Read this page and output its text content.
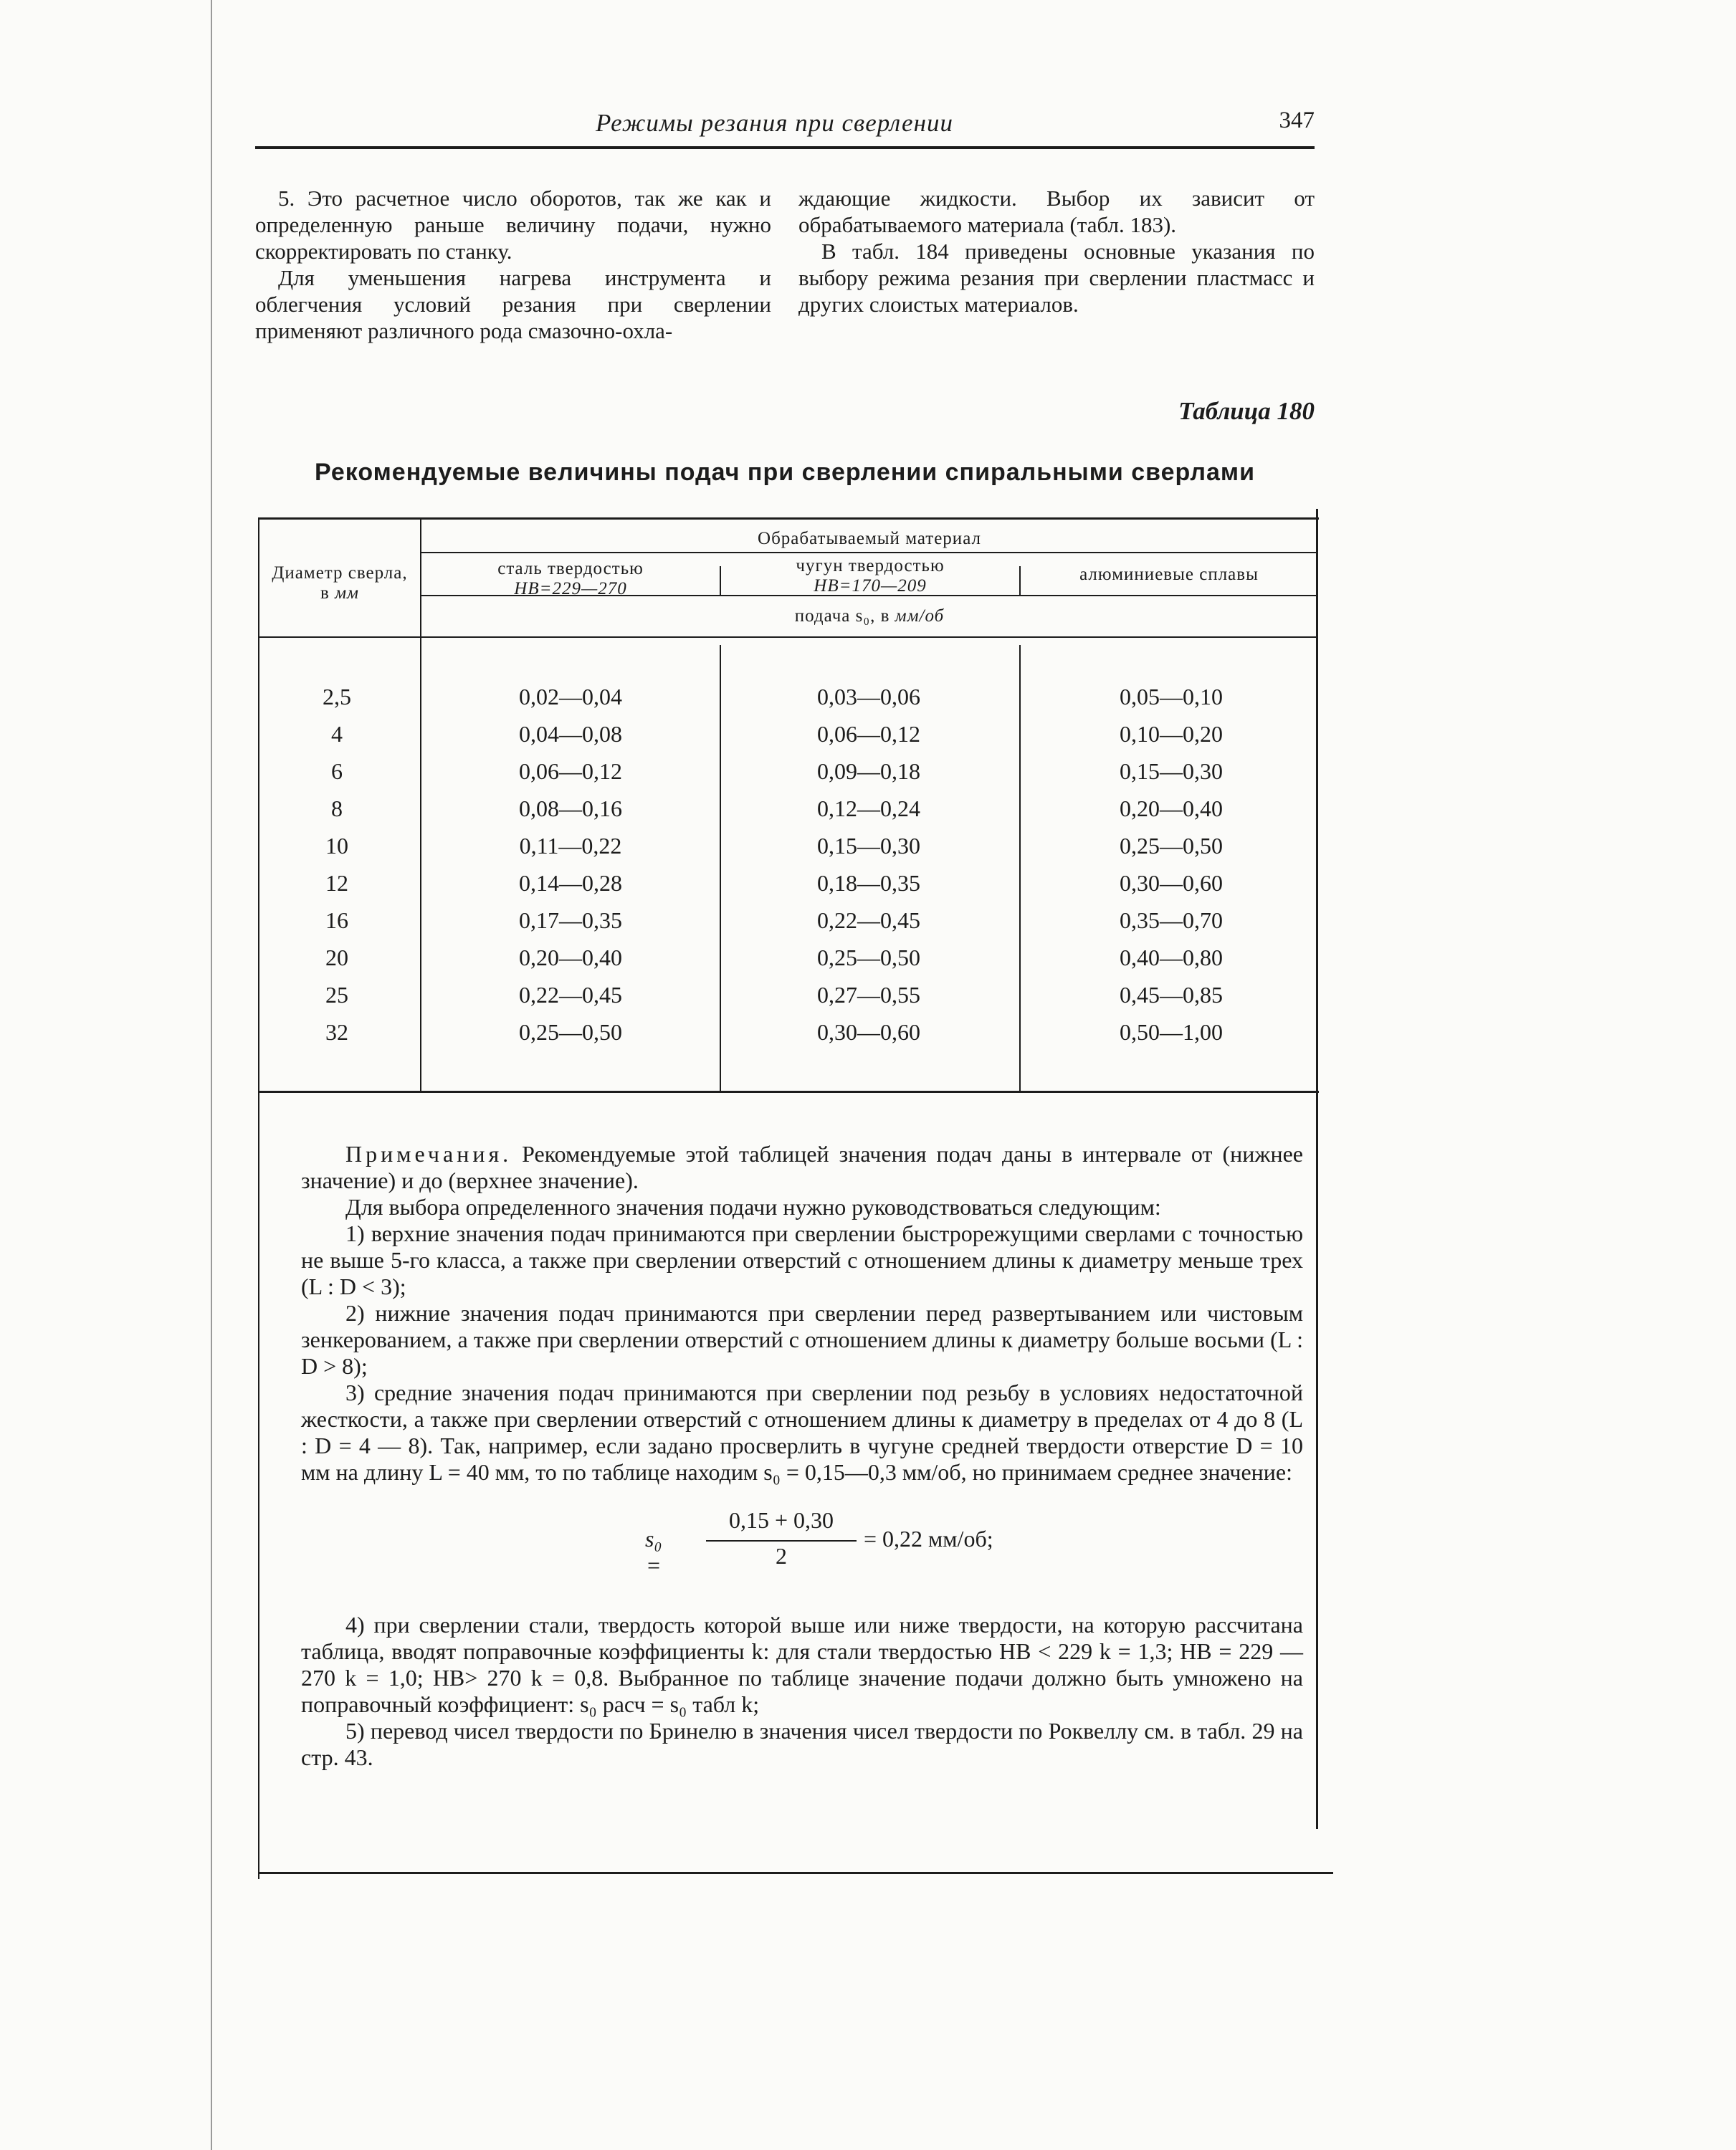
Режимы резания при сверлении	347

5. Это расчетное число оборотов, так же как и определенную раньше величину подачи, нужно скорректировать по станку.

Для уменьшения нагрева инструмента и облегчения условий резания при сверлении применяют различного рода смазочно-охла-

ждающие жидкости. Выбор их зависит от обрабатываемого материала (табл. 183).

В табл. 184 приведены основные указания по выбору режима резания при сверлении пластмасс и других слоистых материалов.

Таблица 180
Рекомендуемые величины подач при сверлении спиральными сверлами
Диаметр сверла, в мм
Обрабатываемый материал
сталь твердостью
HB=229—270
чугун твердостью
HB=170—209
алюминиевые сплавы
подача s₀, в мм/об
2,5	0,02—0,04	0,03—0,06	0,05—0,10
4	0,04—0,08	0,06—0,12	0,10—0,20
6	0,06—0,12	0,09—0,18	0,15—0,30
8	0,08—0,16	0,12—0,24	0,20—0,40
10	0,11—0,22	0,15—0,30	0,25—0,50
12	0,14—0,28	0,18—0,35	0,30—0,60
16	0,17—0,35	0,22—0,45	0,35—0,70
20	0,20—0,40	0,25—0,50	0,40—0,80
25	0,22—0,45	0,27—0,55	0,45—0,85
32	0,25—0,50	0,30—0,60	0,50—1,00

Примечания. Рекомендуемые этой таблицей значения подач даны в интервале от (нижнее значение) и до (верхнее значение).

Для выбора определенного значения подачи нужно руководствоваться следующим:

1) верхние значения подач принимаются при сверлении быстрорежущими сверлами с точностью не выше 5-го класса, а также при сверлении отверстий с отношением длины к диаметру меньше трех (L : D < 3);

2) нижние значения подач принимаются при сверлении перед развертыванием или чистовым зенкерованием, а также при сверлении отверстий с отношением длины к диаметру больше восьми (L : D > 8);

3) средние значения подач принимаются при сверлении под резьбу в условиях недостаточной жесткости, а также при сверлении отверстий с отношением длины к диаметру в пределах от 4 до 8 (L : D = 4 — 8). Так, например, если задано просверлить в чугуне средней твердости отверстие D = 10 мм на длину L = 40 мм, то по таблице находим s₀ = 0,15—0,3 мм/об, но принимаем среднее значение:

s₀ =
0,15 + 0,30
2
= 0,22 мм/об;

4) при сверлении стали, твердость которой выше или ниже твердости, на которую рассчитана таблица, вводят поправочные коэффициенты k: для стали твердостью HB < 229 k = 1,3; HB = 229 — 270 k = 1,0; HB> 270 k = 0,8. Выбранное по таблице значение подачи должно быть умножено на поправочный коэффициент: s₀ расч = s₀ табл k;

5) перевод чисел твердости по Бринелю в значения чисел твердости по Роквеллу см. в табл. 29 на стр. 43.
